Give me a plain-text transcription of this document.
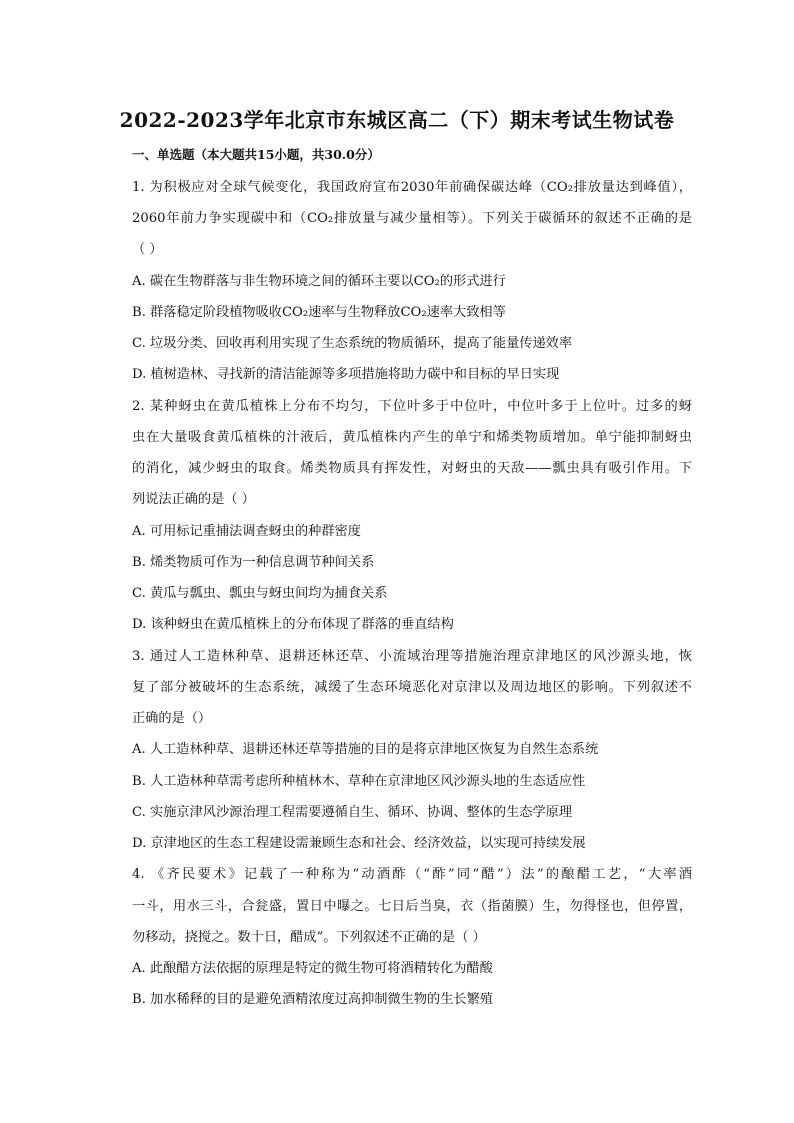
2022-2023学年北京市东城区高二（下）期末考试生物试卷
一、单选题（本大题共15小题，共30.0分）
1. 为积极应对全球气候变化，我国政府宣布2030年前确保碳达峰（CO₂排放量达到峰值），
2060年前力争实现碳中和（CO₂排放量与减少量相等）。下列关于碳循环的叙述不正确的是
（ ）
A. 碳在生物群落与非生物环境之间的循环主要以CO₂的形式进行
B. 群落稳定阶段植物吸收CO₂速率与生物释放CO₂速率大致相等
C. 垃圾分类、回收再利用实现了生态系统的物质循环，提高了能量传递效率
D. 植树造林、寻找新的清洁能源等多项措施将助力碳中和目标的早日实现
2. 某种蚜虫在黄瓜植株上分布不均匀，下位叶多于中位叶，中位叶多于上位叶。过多的蚜
虫在大量吸食黄瓜植株的汁液后，黄瓜植株内产生的单宁和烯类物质增加。单宁能抑制蚜虫
的消化，减少蚜虫的取食。烯类物质具有挥发性，对蚜虫的天敌——瓢虫具有吸引作用。下
列说法正确的是（ ）
A. 可用标记重捕法调查蚜虫的种群密度
B. 烯类物质可作为一种信息调节种间关系
C. 黄瓜与瓢虫、瓢虫与蚜虫间均为捕食关系
D. 该种蚜虫在黄瓜植株上的分布体现了群落的垂直结构
3. 通过人工造林种草、退耕还林还草、小流域治理等措施治理京津地区的风沙源头地，恢
复了部分被破坏的生态系统，减缓了生态环境恶化对京津以及周边地区的影响。下列叙述不
正确的是（）
A. 人工造林种草、退耕还林还草等措施的目的是将京津地区恢复为自然生态系统
B. 人工造林种草需考虑所种植林木、草种在京津地区风沙源头地的生态适应性
C. 实施京津风沙源治理工程需要遵循自生、循环、协调、整体的生态学原理
D. 京津地区的生态工程建设需兼顾生态和社会、经济效益，以实现可持续发展
4. 《齐民要术》记载了一种称为“动酒酢（“酢”同“醋”）法”的酿醋工艺，“大率酒
一斗，用水三斗，合瓮盛，置日中曝之。七日后当臭，衣（指菌膜）生，勿得怪也，但停置，
勿移动，挠搅之。数十日，醋成”。下列叙述不正确的是（ ）
A. 此酿醋方法依据的原理是特定的微生物可将酒精转化为醋酸
B. 加水稀释的目的是避免酒精浓度过高抑制微生物的生长繁殖
